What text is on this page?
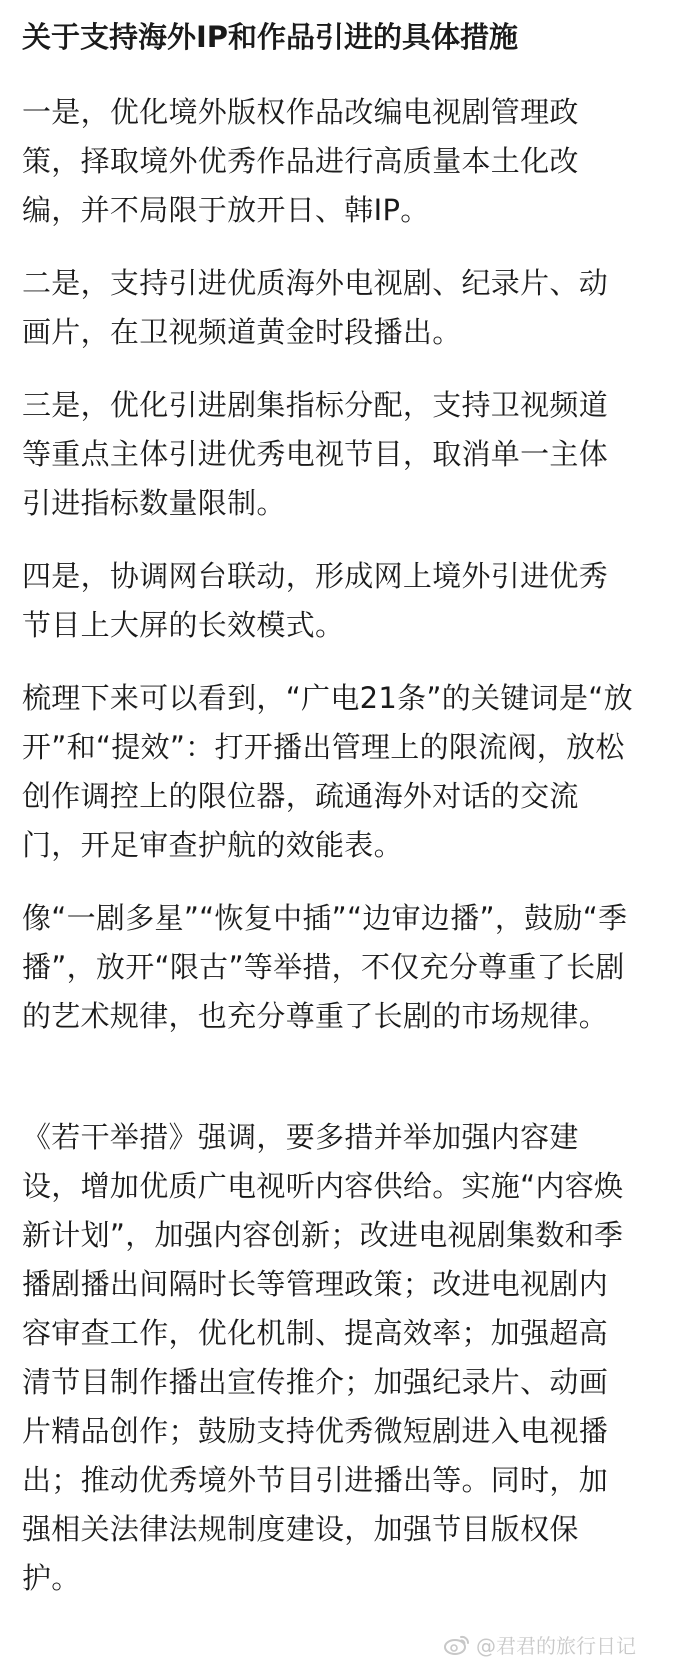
关于支持海外IP和作品引进的具体措施
一是，优化境外版权作品改编电视剧管理政
策，择取境外优秀作品进行高质量本土化改
编，并不局限于放开日、韩IP。
二是，支持引进优质海外电视剧、纪录片、动
画片，在卫视频道黄金时段播出。
三是，优化引进剧集指标分配，支持卫视频道
等重点主体引进优秀电视节目，取消单一主体
引进指标数量限制。
四是，协调网台联动，形成网上境外引进优秀
节目上大屏的长效模式。
梳理下来可以看到，“广电21条”的关键词是“放
开”和“提效”：打开播出管理上的限流阀，放松
创作调控上的限位器，疏通海外对话的交流
门，开足审查护航的效能表。
像“一剧多星”“恢复中插”“边审边播”，鼓励“季
播”，放开“限古”等举措，不仅充分尊重了长剧
的艺术规律，也充分尊重了长剧的市场规律。
《若干举措》强调，要多措并举加强内容建
设，增加优质广电视听内容供给。实施“内容焕
新计划”，加强内容创新；改进电视剧集数和季
播剧播出间隔时长等管理政策；改进电视剧内
容审查工作，优化机制、提高效率；加强超高
清节目制作播出宣传推介；加强纪录片、动画
片精品创作；鼓励支持优秀微短剧进入电视播
出；推动优秀境外节目引进播出等。同时，加
强相关法律法规制度建设，加强节目版权保
护。
@君君的旅行日记
